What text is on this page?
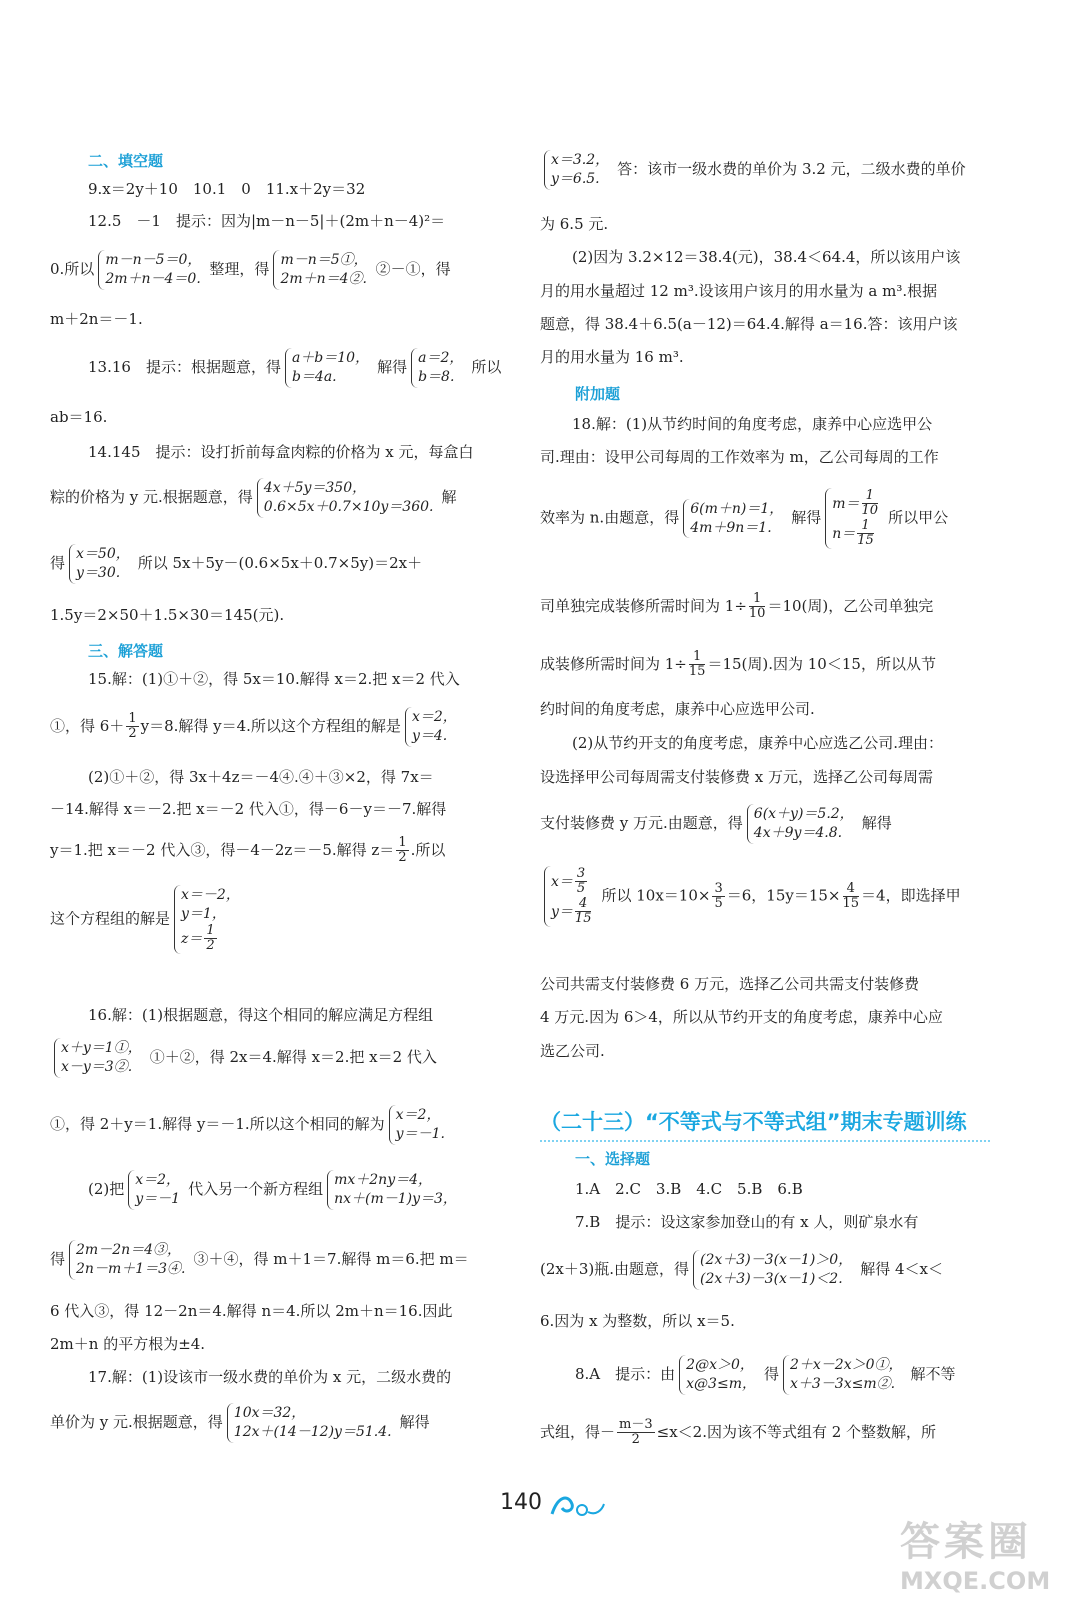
二、填空题
9.x＝2y＋10　10.1　0　11.x＋2y＝32
12.5　－1　提示：因为|m－n－5|＋(2m＋n－4)²＝
0.所以 m－n－5＝0，
2m＋n－4＝0.整理，得 m－n＝5①，
2m＋n＝4②.②－①，得
m＋2n＝－1.
13.16　提示：根据题意，得 a＋b＝10，
b＝4a.解得 a＝2，
b＝8.所以
ab＝16.
14.145　提示：设打折前每盒肉粽的价格为 x 元，每盒白
粽的价格为 y 元.根据题意，得 4x＋5y＝350，
0.6×5x＋0.7×10y＝360.解
得 x＝50，
y＝30.所以 5x＋5y－(0.6×5x＋0.7×5y)＝2x＋
1.5y＝2×50＋1.5×30＝145(元).
三、解答题
15.解：(1)①＋②，得 5x＝10.解得 x＝2.把 x＝2 代入
①，得 $6+ \frac{1}{2} y=8$.解得 y＝4.所以这个方程组的解是 x＝2，
y＝4.
(2)①＋②，得 3x＋4z＝－4④.④＋③×2，得 7x＝
－14.解得 x＝－2.把 x＝－2 代入①，得－6－y＝－7.解得
y＝1.把 x＝－2 代入③，得－4－2z＝－5.解得 $z= \frac{1}{2}$ .所以
这个方程组的解是x＝－2，
y＝1，
$z= \frac{1}{2}$
16.解：(1)根据题意，得这个相同的解应满足方程组
x＋y＝1①，
x－y＝3②.①＋②，得 2x＝4.解得 x＝2.把 x＝2 代入
①，得 2＋y＝1.解得 y＝－1.所以这个相同的解为 x＝2，
y＝－1.
(2)把 x＝2，
y＝－1代入另一个新方程组 mx＋2ny＝4，
nx＋(m－1)y＝3，
得 2m－2n＝4③，
2n－m＋1＝3④.③＋④，得 m＋1＝7.解得 m＝6.把 m＝
6 代入③，得 12－2n＝4.解得 n＝4.所以 2m＋n＝16.因此
2m＋n 的平方根为±4.
17.解：(1)设该市一级水费的单价为 x 元，二级水费的
单价为 y 元.根据题意，得 10x＝32，
12x＋(14－12)y＝51.4.解得
x＝3.2，
y＝6.5.答：该市一级水费的单价为 3.2 元，二级水费的单价
为 6.5 元.
(2)因为 3.2×12＝38.4(元)，38.4＜64.4，所以该用户该
月的用水量超过 12 m³.设该用户该月的用水量为 a m³.根据
题意，得 38.4＋6.5(a－12)＝64.4.解得 a＝16.答：该用户该
月的用水量为 16 m³.
附加题
18.解：(1)从节约时间的角度考虑，康养中心应选甲公
司.理由：设甲公司每周的工作效率为 m，乙公司每周的工作
效率为 n.由题意，得 6(m＋n)＝1，
4m＋9n＝1.解得$m= \frac{1}{10}$

$n= \frac{1}{15}$
所以甲公
司单独完成装修所需时间为 $1\div \frac{1}{10} =10$(周)，乙公司单独完
成装修所需时间为 $1\div \frac{1}{15} =15$(周).因为 10＜15，所以从节
约时间的角度考虑，康养中心应选甲公司.
(2)从节约开支的角度考虑，康养中心应选乙公司.理由：
设选择甲公司每周需支付装修费 x 万元，选择乙公司每周需
支付装修费 y 万元.由题意，得 6(x＋y)＝5.2，
4x＋9y＝4.8.解得
$x= \frac{3}{5}$

$y= \frac{4}{15}$
所以 $10x=10\times \frac{3}{5} =6$，$15y=15\times \frac{4}{15} =4$，即选择甲
公司共需支付装修费 6 万元，选择乙公司共需支付装修费
4 万元.因为 6＞4，所以从节约开支的角度考虑，康养中心应
选乙公司.
（二十三）“不等式与不等式组”期末专题训练
一、选择题
1.A　2.C　3.B　4.C　5.B　6.B
7.B　提示：设这家参加登山的有 x 人，则矿泉水有
(2x＋3)瓶.由题意，得 (2x＋3)－3(x－1)＞0，
(2x＋3)－3(x－1)＜2.解得 4＜x＜
6.因为 x 为整数，所以 x＝5.
8.A　提示：由 2@x＞0，
x@3≤m，得 2＋x－2x＞0①，
x＋3－3x≤m②.解不等
式组，得－ $\frac{m-3}{2} \le x<2$.因为该不等式组有 2 个整数解，所
140
答案圈
MXQE.COM
